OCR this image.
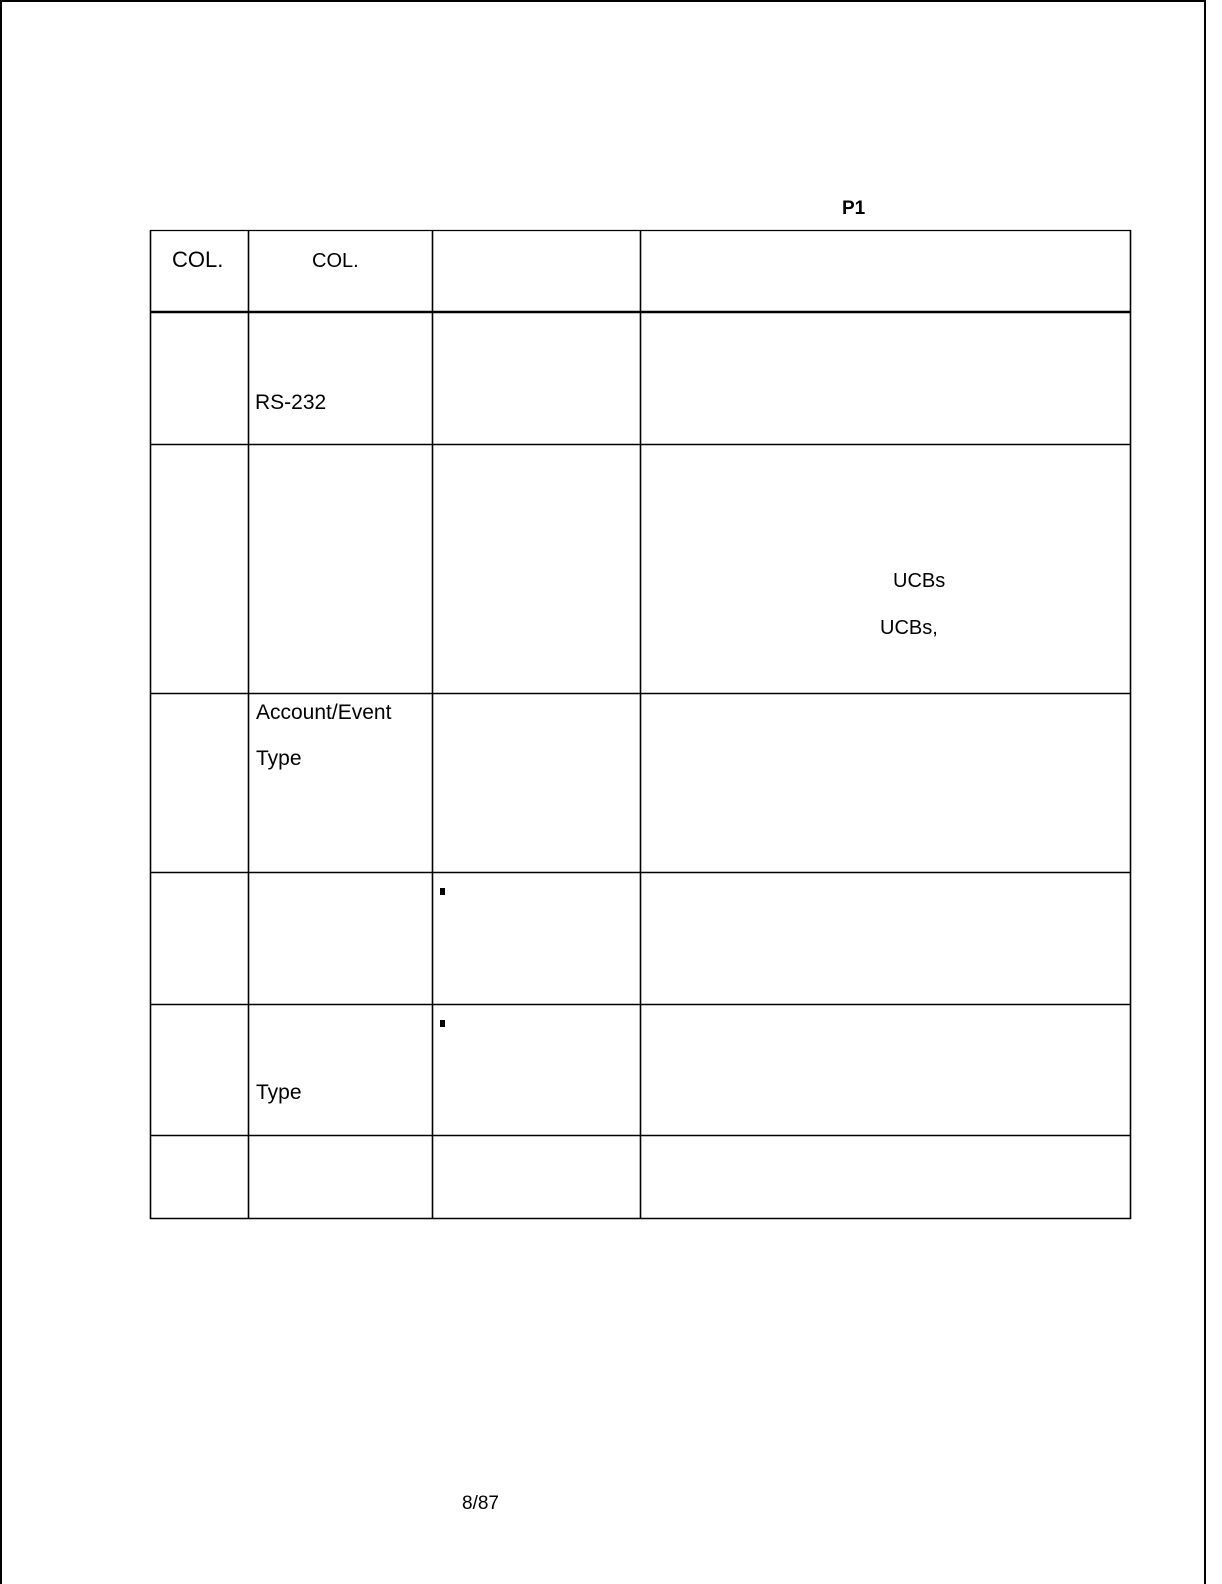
P1
COL.	COL.
RS-232
UCBs
UCBs,
Account/Event
Type
Type
8/87
